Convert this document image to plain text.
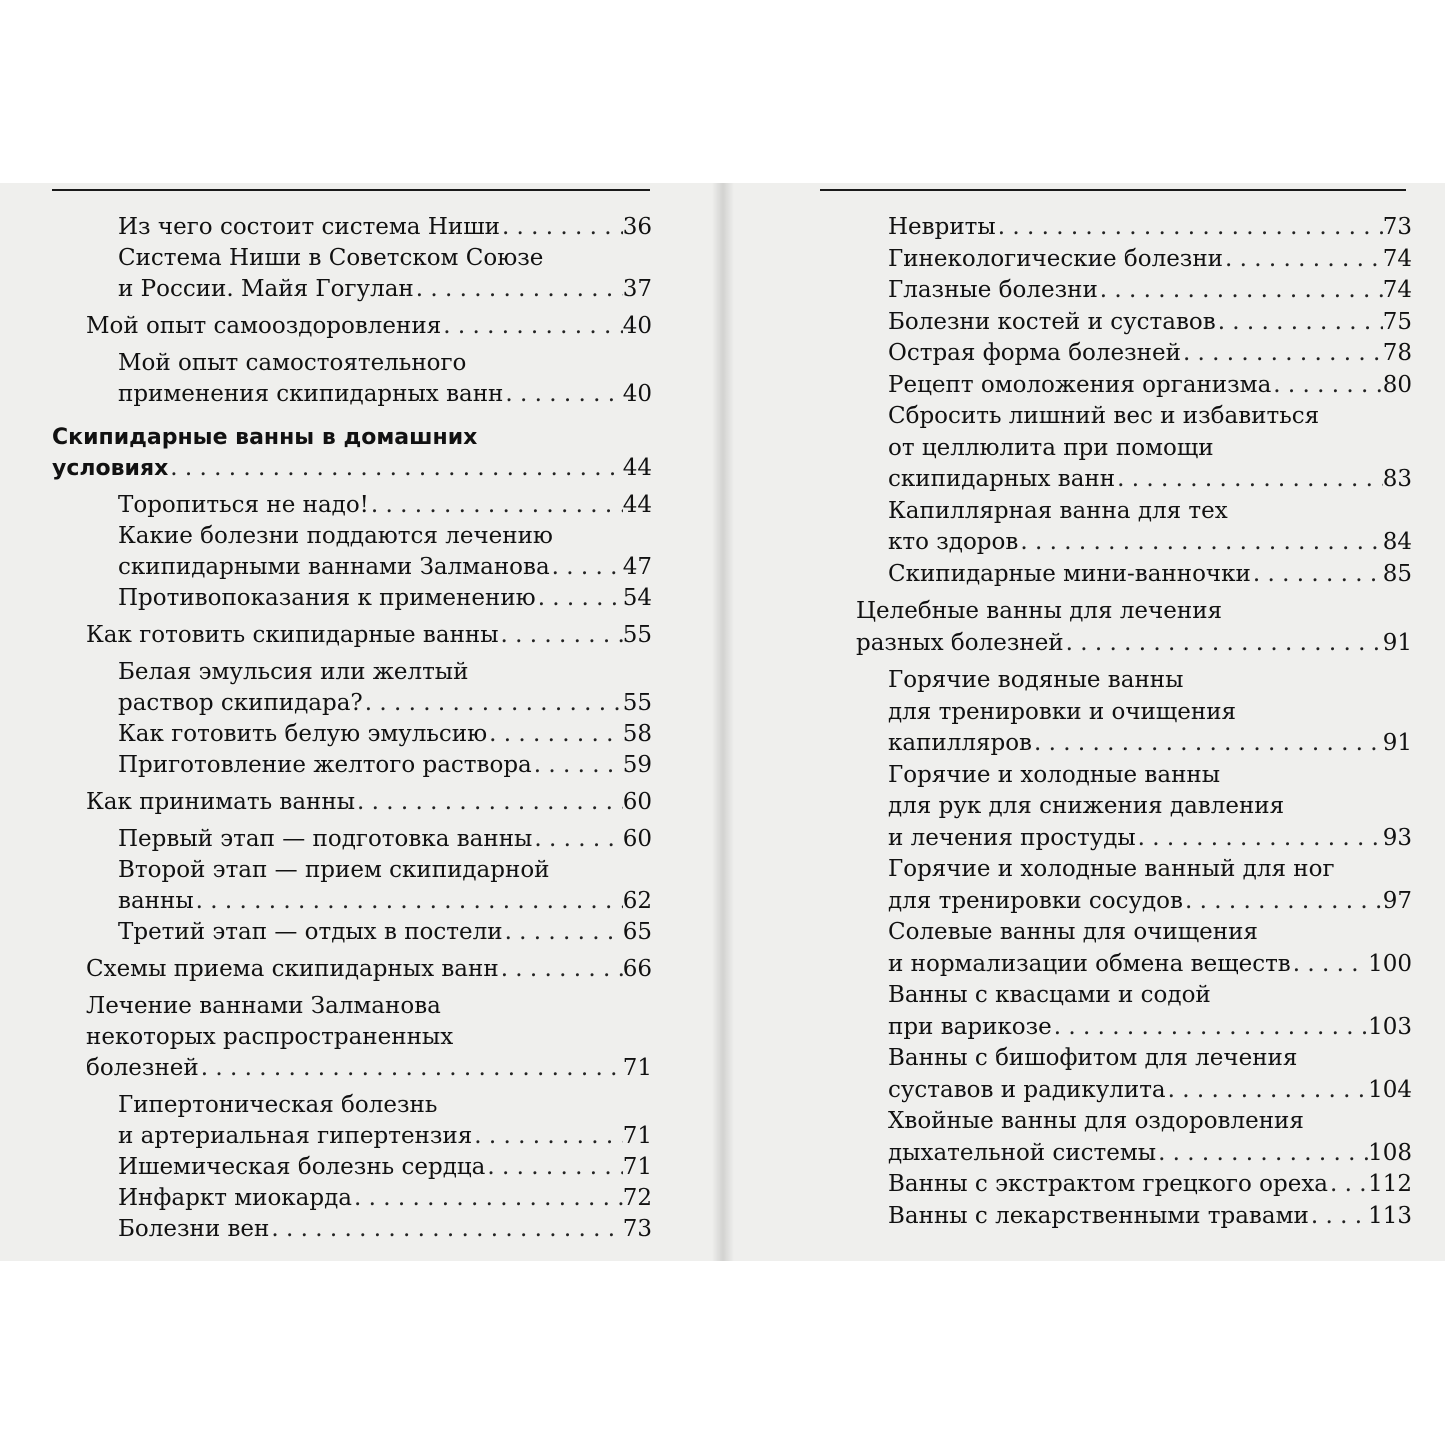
Из чего состоит система Ниши . . .	36
Система Ниши в Советском Союзе
и России. Майя Гогулан . . .	37
Мой опыт самооздоровления . . .	40
Мой опыт самостоятельного
применения скипидарных ванн . . .	40
Скипидарные ванны в домашних
условиях . . .	44
Торопиться не надо! . . .	44
Какие болезни поддаются лечению
скипидарными ваннами Залманова . . .	47
Противопоказания к применению . . .	54
Как готовить скипидарные ванны . . .	55
Белая эмульсия или желтый
раствор скипидара? . . .	55
Как готовить белую эмульсию . . .	58
Приготовление желтого раствора . . .	59
Как принимать ванны . . .	60
Первый этап — подготовка ванны . . .	60
Второй этап — прием скипидарной
ванны . . .	62
Третий этап — отдых в постели . . .	65
Схемы приема скипидарных ванн . . .	66
Лечение ваннами Залманова
некоторых распространенных
болезней . . .	71
Гипертоническая болезнь
и артериальная гипертензия . . .	71
Ишемическая болезнь сердца . . .	71
Инфаркт миокарда . . .	72
Болезни вен . . .	73
Невриты . . .	73
Гинекологические болезни . . .	74
Глазные болезни . . .	74
Болезни костей и суставов . . .	75
Острая форма болезней . . .	78
Рецепт омоложения организма . . .	80
Сбросить лишний вес и избавиться
от целлюлита при помощи
скипидарных ванн . . .	83
Капиллярная ванна для тех
кто здоров . . .	84
Скипидарные мини-ванночки . . .	85
Целебные ванны для лечения
разных болезней . . .	91
Горячие водяные ванны
для тренировки и очищения
капилляров . . .	91
Горячие и холодные ванны
для рук для снижения давления
и лечения простуды . . .	93
Горячие и холодные ванный для ног
для тренировки сосудов . . .	97
Солевые ванны для очищения
и нормализации обмена веществ . . .	100
Ванны с квасцами и содой
при варикозе . . .	103
Ванны с бишофитом для лечения
суставов и радикулита . . .	104
Хвойные ванны для оздоровления
дыхательной системы . . .	108
Ванны с экстрактом грецкого ореха . . . 112
Ванны с лекарственными травами . . .	113
